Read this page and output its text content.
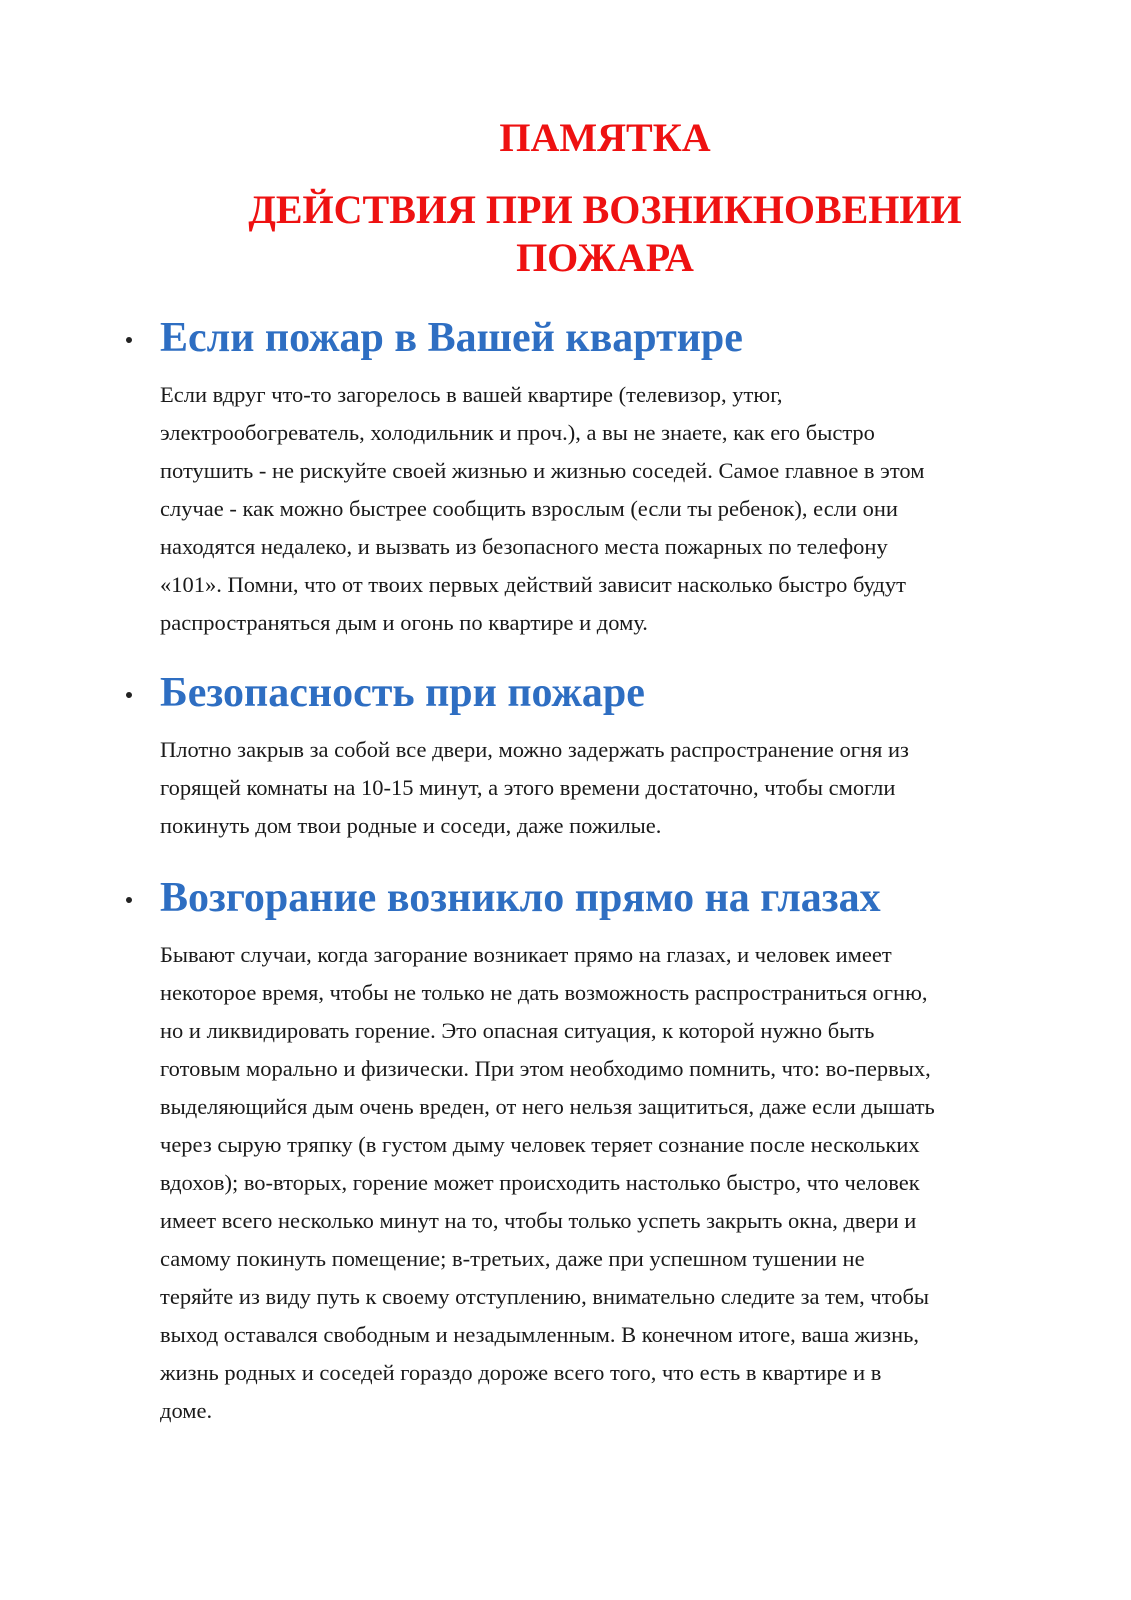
ПАМЯТКА
ДЕЙСТВИЯ ПРИ ВОЗНИКНОВЕНИИ ПОЖАРА
Если пожар в Вашей квартире

Если вдруг что-то загорелось в вашей квартире (телевизор, утюг,
электрообогреватель, холодильник и проч.), а вы не знаете, как его быстро
потушить - не рискуйте своей жизнью и жизнью соседей. Самое главное в этом
случае - как можно быстрее сообщить взрослым (если ты ребенок), если они
находятся недалеко, и вызвать из безопасного места пожарных по телефону
«101». Помни, что от твоих первых действий зависит насколько быстро будут
распространяться дым и огонь по квартире и дому.

Безопасность при пожаре

Плотно закрыв за собой все двери, можно задержать распространение огня из
горящей комнаты на 10-15 минут, а этого времени достаточно, чтобы смогли
покинуть дом твои родные и соседи, даже пожилые.

Возгорание возникло прямо на глазах

Бывают случаи, когда загорание возникает прямо на глазах, и человек имеет
некоторое время, чтобы не только не дать возможность распространиться огню,
но и ликвидировать горение. Это опасная ситуация, к которой нужно быть
готовым морально и физически. При этом необходимо помнить, что: во-первых,
выделяющийся дым очень вреден, от него нельзя защититься, даже если дышать
через сырую тряпку (в густом дыму человек теряет сознание после нескольких
вдохов); во-вторых, горение может происходить настолько быстро, что человек
имеет всего несколько минут на то, чтобы только успеть закрыть окна, двери и
самому покинуть помещение; в-третьих, даже при успешном тушении не
теряйте из виду путь к своему отступлению, внимательно следите за тем, чтобы
выход оставался свободным и незадымленным. В конечном итоге, ваша жизнь,
жизнь родных и соседей гораздо дороже всего того, что есть в квартире и в
доме.
